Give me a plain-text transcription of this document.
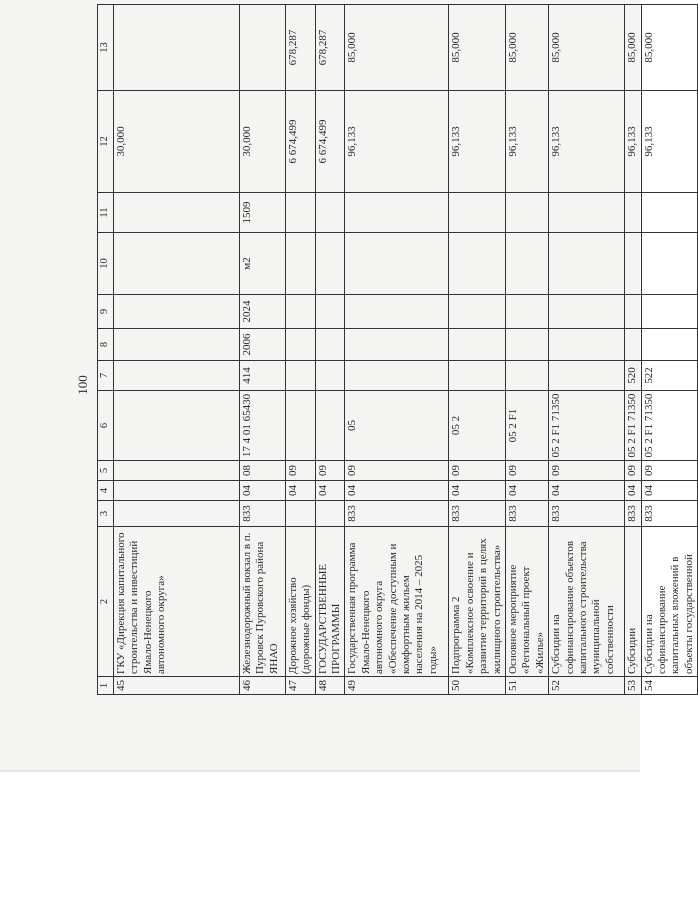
100
1	2	3	4	5	6	7	8	9	10	11	12	13
45	ГКУ «Дирекция капитального строительства и инвестиций Ямало-Ненецкого автономного округа»										30,000	
46	Железнодорожный вокзал в п. Пуровск Пуровского района ЯНАО	833	04	08	17 4 01 65430	414	2006	2024	м2	1509	30,000	
47	Дорожное хозяйство (дорожные фонды)		04	09							6 674,499	678,287
48	ГОСУДАРСТВЕННЫЕ ПРОГРАММЫ		04	09							6 674,499	678,287
49	Государственная программа Ямало-Ненецкого автономного округа «Обеспечение доступным и комфортным жильем населения на 2014 – 2025 годы»	833	04	09	05						96,133	85,000
50	Подпрограмма 2 «Комплексное освоение и развитие территорий в целях жилищного строительства»	833	04	09	05 2						96,133	85,000
51	Основное мероприятие «Региональный проект «Жилье»	833	04	09	05 2 F1						96,133	85,000
52	Субсидии на софинансирование объектов капитального строительства муниципальной собственности	833	04	09	05 2 F1 71350						96,133	85,000
53	Субсидии	833	04	09	05 2 F1 71350	520					96,133	85,000
54	Субсидии на софинансирование капитальных вложений в объекты государственной	833	04	09	05 2 F1 71350	522					96,133	85,000
